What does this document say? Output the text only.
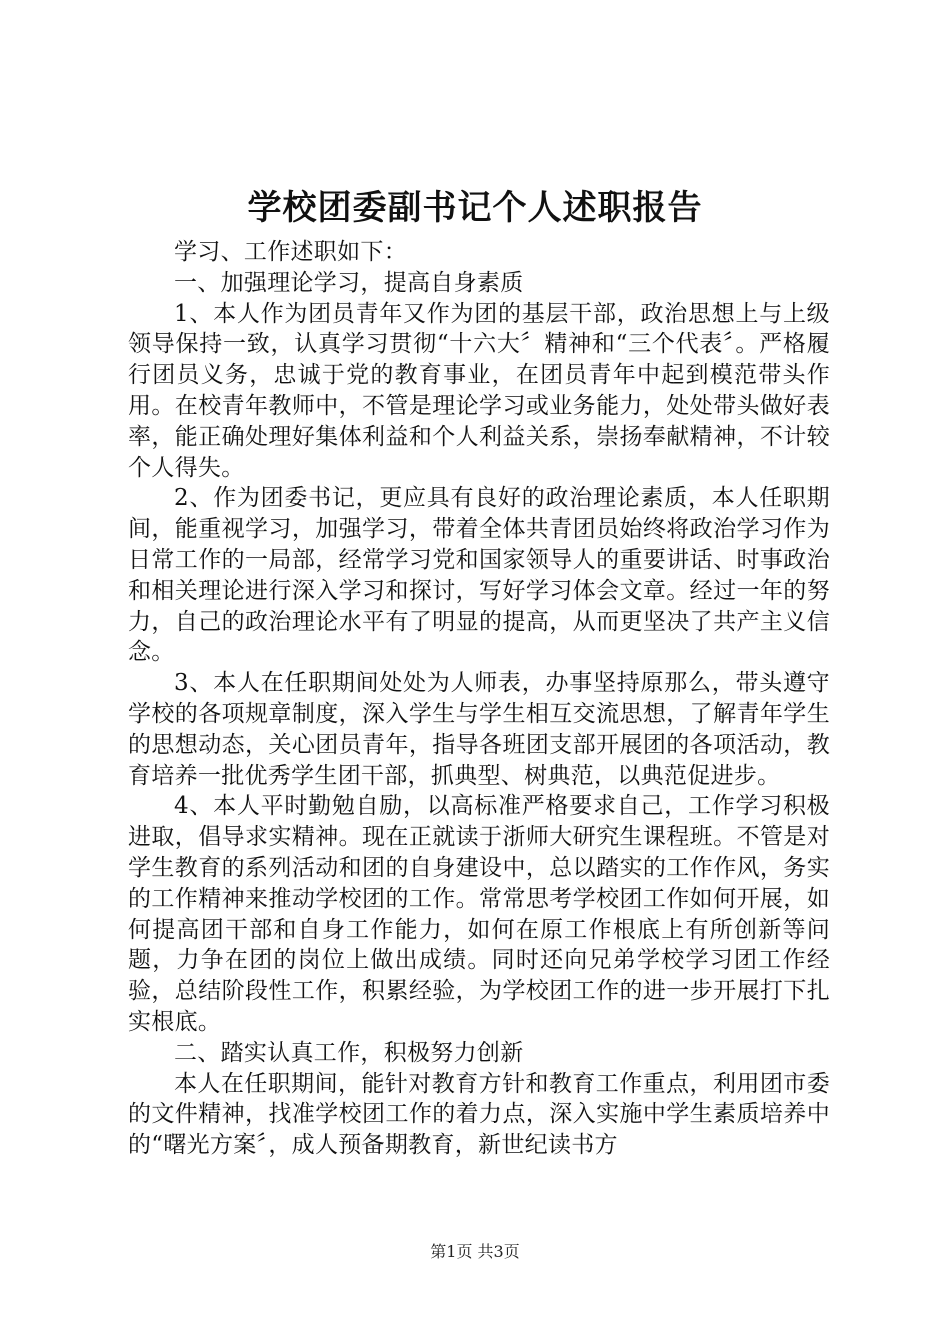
学校团委副书记个人述职报告

学习、工作述职如下：

一、加强理论学习，提高自身素质

1、本人作为团员青年又作为团的基层干部，政治思想上与上级领导保持一致，认真学习贯彻“十六大〞精神和“三个代表〞。严格履行团员义务，忠诚于党的教育事业，在团员青年中起到模范带头作用。在校青年教师中，不管是理论学习或业务能力，处处带头做好表率，能正确处理好集体利益和个人利益关系，崇扬奉献精神，不计较个人得失。

2、作为团委书记，更应具有良好的政治理论素质，本人任职期间，能重视学习，加强学习，带着全体共青团员始终将政治学习作为日常工作的一局部，经常学习党和国家领导人的重要讲话、时事政治和相关理论进行深入学习和探讨，写好学习体会文章。经过一年的努力，自己的政治理论水平有了明显的提高，从而更坚决了共产主义信念。

3、本人在任职期间处处为人师表，办事坚持原那么，带头遵守学校的各项规章制度，深入学生与学生相互交流思想，了解青年学生的思想动态，关心团员青年，指导各班团支部开展团的各项活动，教育培养一批优秀学生团干部，抓典型、树典范，以典范促进步。

4、本人平时勤勉自励，以高标准严格要求自己，工作学习积极进取，倡导求实精神。现在正就读于浙师大研究生课程班。不管是对学生教育的系列活动和团的自身建设中，总以踏实的工作作风，务实的工作精神来推动学校团的工作。常常思考学校团工作如何开展，如何提高团干部和自身工作能力，如何在原工作根底上有所创新等问题，力争在团的岗位上做出成绩。同时还向兄弟学校学习团工作经验，总结阶段性工作，积累经验，为学校团工作的进一步开展打下扎实根底。

二、踏实认真工作，积极努力创新

本人在任职期间，能针对教育方针和教育工作重点，利用团市委的文件精神，找准学校团工作的着力点，深入实施中学生素质培养中的“曙光方案〞，成人预备期教育，新世纪读书方

第1页 共3页
